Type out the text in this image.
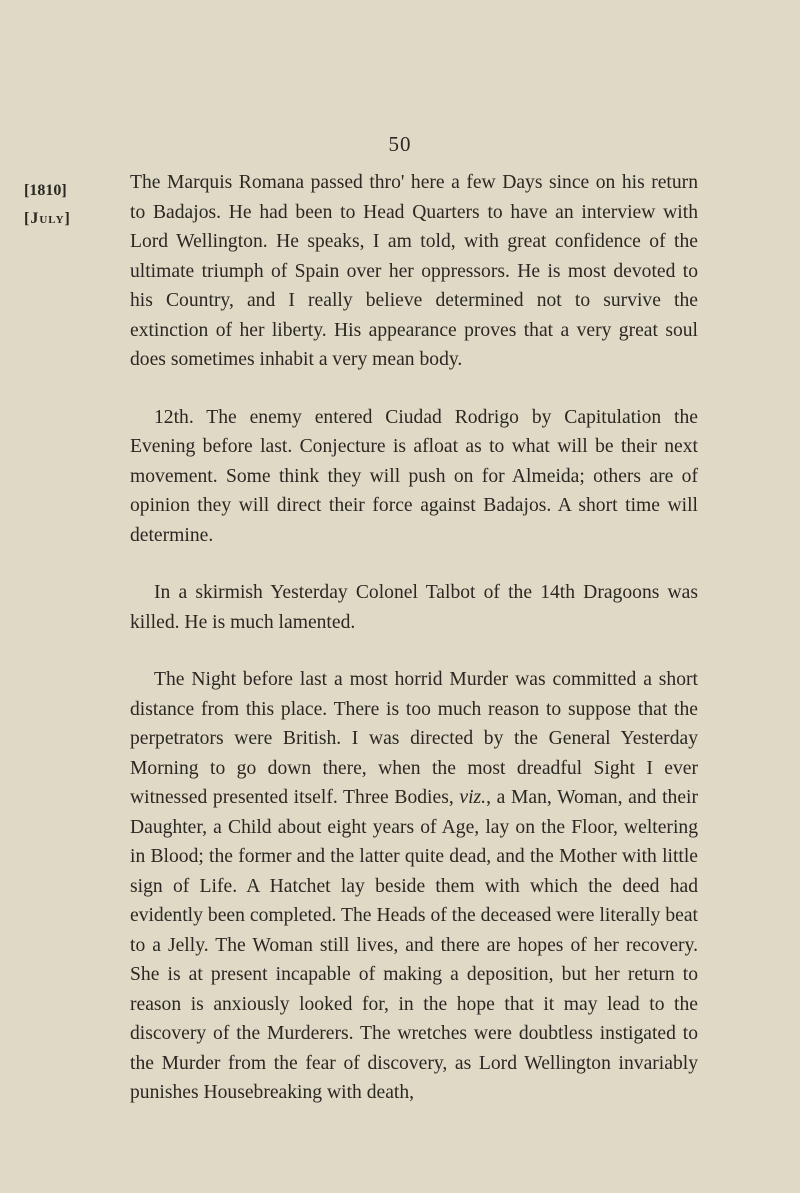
50
[1810]
[July]

The Marquis Romana passed thro' here a few Days since on his return to Badajos. He had been to Head Quarters to have an interview with Lord Wellington. He speaks, I am told, with great confidence of the ultimate triumph of Spain over her oppressors. He is most devoted to his Country, and I really believe determined not to survive the extinction of her liberty. His appearance proves that a very great soul does sometimes inhabit a very mean body.

12th. The enemy entered Ciudad Rodrigo by Capitulation the Evening before last. Conjecture is afloat as to what will be their next movement. Some think they will push on for Almeida; others are of opinion they will direct their force against Badajos. A short time will determine.

In a skirmish Yesterday Colonel Talbot of the 14th Dragoons was killed. He is much lamented.

The Night before last a most horrid Murder was committed a short distance from this place. There is too much reason to suppose that the perpetrators were British. I was directed by the General Yesterday Morning to go down there, when the most dreadful Sight I ever witnessed presented itself. Three Bodies, viz., a Man, Woman, and their Daughter, a Child about eight years of Age, lay on the Floor, weltering in Blood; the former and the latter quite dead, and the Mother with little sign of Life. A Hatchet lay beside them with which the deed had evidently been completed. The Heads of the deceased were literally beat to a Jelly. The Woman still lives, and there are hopes of her recovery. She is at present incapable of making a deposition, but her return to reason is anxiously looked for, in the hope that it may lead to the discovery of the Murderers. The wretches were doubtless instigated to the Murder from the fear of discovery, as Lord Wellington invariably punishes Housebreaking with death,
